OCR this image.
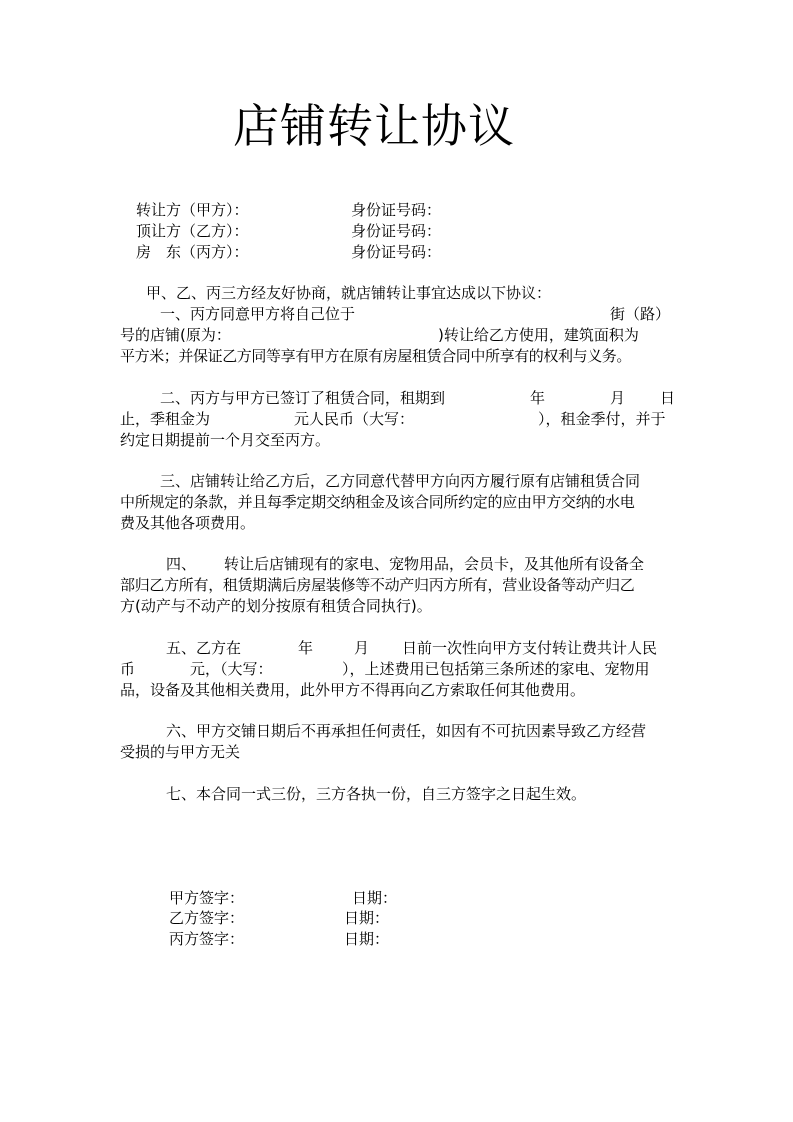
店铺转让协议
转让方（甲方）：	身份证号码：
顶让方（乙方）：	身份证号码：
房　东（丙方）：	身份证号码：
甲、乙、丙三方经友好协商，就店铺转让事宜达成以下协议：
一、丙方同意甲方将自己位于	街（路）
号的店铺(原为：	)转让给乙方使用，建筑面积为
平方米；并保证乙方同等享有甲方在原有房屋租赁合同中所享有的权利与义务。
二、丙方与甲方已签订了租赁合同，租期到	年	月 日
止，季租金为	元人民币（大写：	），租金季付，并于
约定日期提前一个月交至丙方。
三、店铺转让给乙方后，乙方同意代替甲方向丙方履行原有店铺租赁合同
中所规定的条款，并且每季定期交纳租金及该合同所约定的应由甲方交纳的水电
费及其他各项费用。
四、 转让后店铺现有的家电、宠物用品，会员卡，及其他所有设备全
部归乙方所有，租赁期满后房屋装修等不动产归丙方所有，营业设备等动产归乙
方(动产与不动产的划分按原有租赁合同执行)。
五、乙方在	年	月 日前一次性向甲方支付转让费共计人民
币	元，（大写：	），上述费用已包括第三条所述的家电、宠物用
品，设备及其他相关费用，此外甲方不得再向乙方索取任何其他费用。
六、甲方交铺日期后不再承担任何责任，如因有不可抗因素导致乙方经营
受损的与甲方无关
七、本合同一式三份，三方各执一份，自三方签字之日起生效。
甲方签字：	日期：
乙方签字：	日期：
丙方签字：	日期：
